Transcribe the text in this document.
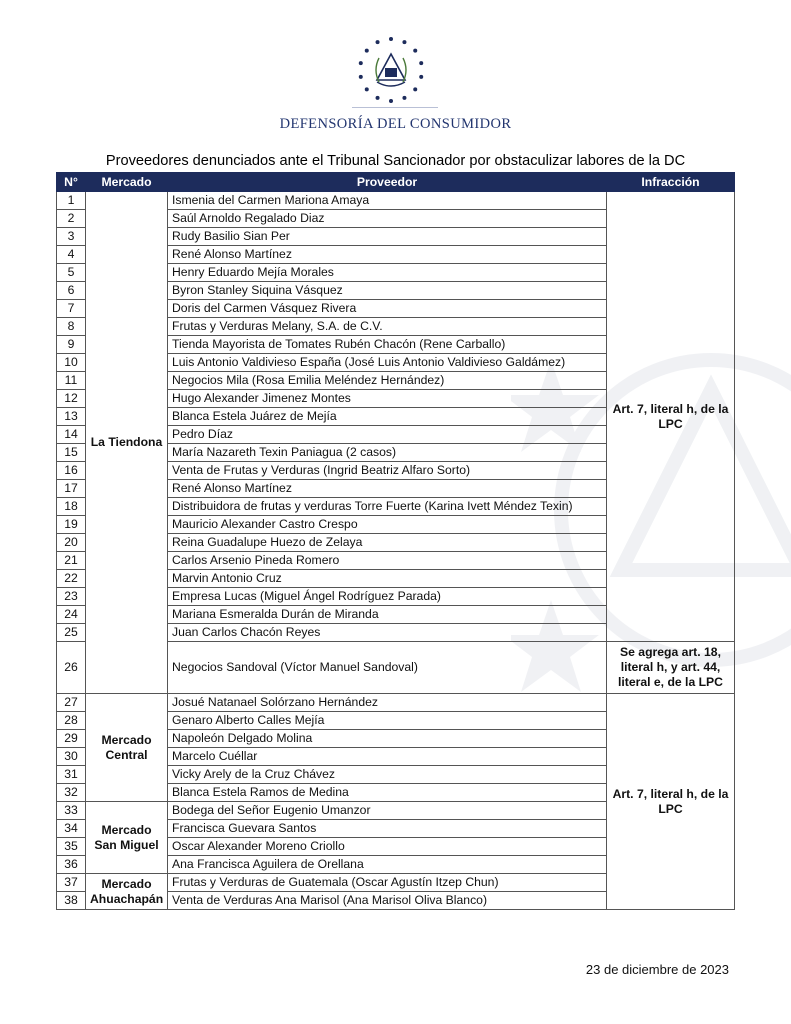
DEFENSORÍA DEL CONSUMIDOR
Proveedores denunciados ante el Tribunal Sancionador por obstaculizar labores de la DC
N°	Mercado	Proveedor	Infracción
1	La Tiendona	Ismenia del Carmen Mariona Amaya	Art. 7, literal h, de la LPC
2		Saúl Arnoldo Regalado Diaz	
3		Rudy Basilio Sian Per	
4		René Alonso Martínez	
5		Henry Eduardo Mejía Morales	
6		Byron Stanley Siquina Vásquez	
7		Doris del Carmen Vásquez Rivera	
8		Frutas y Verduras Melany, S.A. de C.V.	
9		Tienda Mayorista de Tomates Rubén Chacón (Rene Carballo)	
10		Luis Antonio Valdivieso España (José Luis Antonio Valdivieso Galdámez)	
11		Negocios Mila (Rosa Emilia Meléndez Hernández)	
12		Hugo Alexander Jimenez Montes	
13		Blanca Estela Juárez de Mejía	
14		Pedro Díaz	
15		María Nazareth Texin Paniagua (2 casos)	
16		Venta de Frutas y Verduras (Ingrid Beatriz Alfaro Sorto)	
17		René Alonso Martínez	
18		Distribuidora de frutas y verduras Torre Fuerte (Karina Ivett Méndez Texin)	
19		Mauricio Alexander Castro Crespo	
20		Reina Guadalupe Huezo de Zelaya	
21		Carlos Arsenio Pineda Romero	
22		Marvin Antonio Cruz	
23		Empresa Lucas (Miguel Ángel Rodríguez Parada)	
24		Mariana Esmeralda Durán de Miranda	
25		Juan Carlos Chacón Reyes	
26		Negocios Sandoval (Víctor Manuel Sandoval)	Se agrega art. 18, literal h, y art. 44, literal e, de la LPC
27	Mercado Central	Josué Natanael Solórzano Hernández	Art. 7, literal h, de la LPC
28		Genaro Alberto Calles Mejía	
29		Napoleón Delgado Molina	
30		Marcelo Cuéllar	
31		Vicky Arely de la Cruz Chávez	
32		Blanca Estela Ramos de Medina	
33	Mercado San Miguel	Bodega del Señor Eugenio Umanzor	
34		Francisca Guevara Santos	
35		Oscar Alexander Moreno Criollo	
36		Ana Francisca Aguilera de Orellana	
37	Mercado Ahuachapán	Frutas y Verduras de Guatemala (Oscar Agustín Itzep Chun)	
38		Venta de Verduras Ana Marisol (Ana Marisol Oliva Blanco)	
23 de diciembre de 2023
